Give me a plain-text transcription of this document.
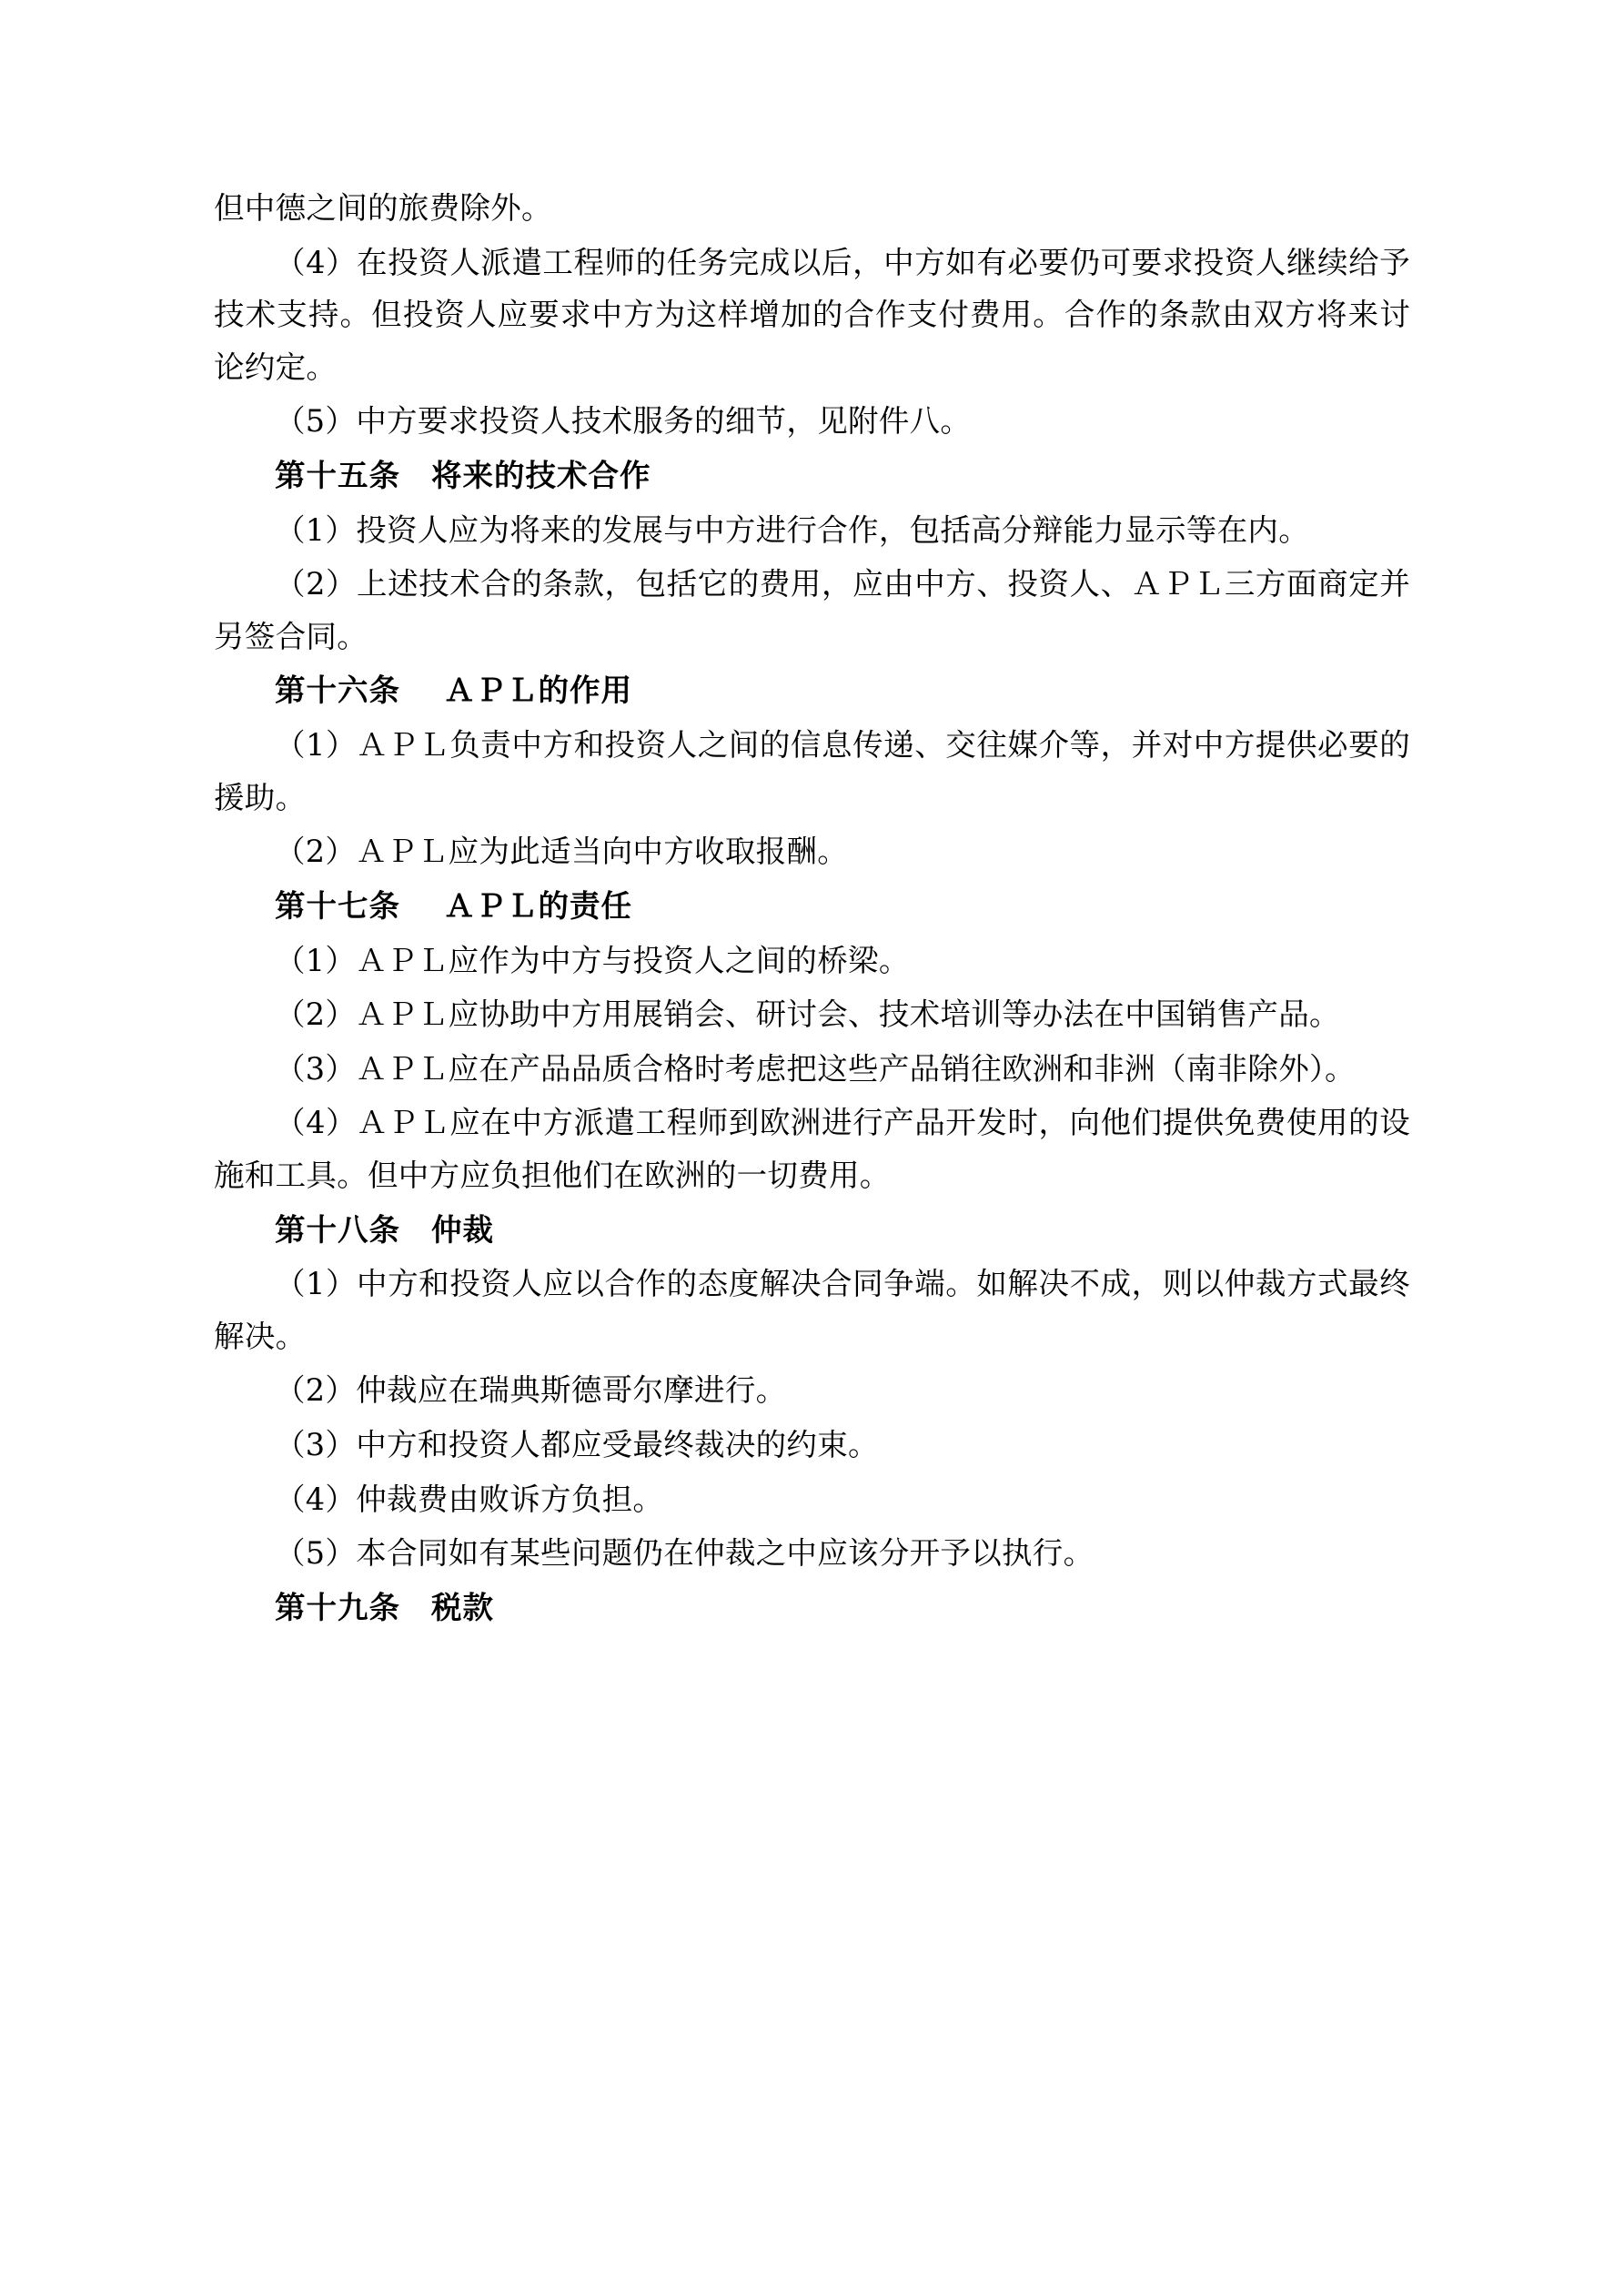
但中德之间的旅费除外。

（4）在投资人派遣工程师的任务完成以后，中方如有必要仍可要求投资人继续给予技术支持。但投资人应要求中方为这样增加的合作支付费用。合作的条款由双方将来讨论约定。

（5）中方要求投资人技术服务的细节，见附件八。

第十五条 将来的技术合作

（1）投资人应为将来的发展与中方进行合作，包括高分辩能力显示等在内。

（2）上述技术合的条款，包括它的费用，应由中方、投资人、ＡＰＬ三方面商定并另签合同。

第十六条 ＡＰＬ的作用

（1）ＡＰＬ负责中方和投资人之间的信息传递、交往媒介等，并对中方提供必要的援助。

（2）ＡＰＬ应为此适当向中方收取报酬。

第十七条 ＡＰＬ的责任

（1）ＡＰＬ应作为中方与投资人之间的桥梁。

（2）ＡＰＬ应协助中方用展销会、研讨会、技术培训等办法在中国销售产品。

（3）ＡＰＬ应在产品品质合格时考虑把这些产品销往欧洲和非洲（南非除外）。

（4）ＡＰＬ应在中方派遣工程师到欧洲进行产品开发时，向他们提供免费使用的设施和工具。但中方应负担他们在欧洲的一切费用。

第十八条 仲裁

（1）中方和投资人应以合作的态度解决合同争端。如解决不成，则以仲裁方式最终解决。

（2）仲裁应在瑞典斯德哥尔摩进行。

（3）中方和投资人都应受最终裁决的约束。

（4）仲裁费由败诉方负担。

（5）本合同如有某些问题仍在仲裁之中应该分开予以执行。

第十九条 税款
